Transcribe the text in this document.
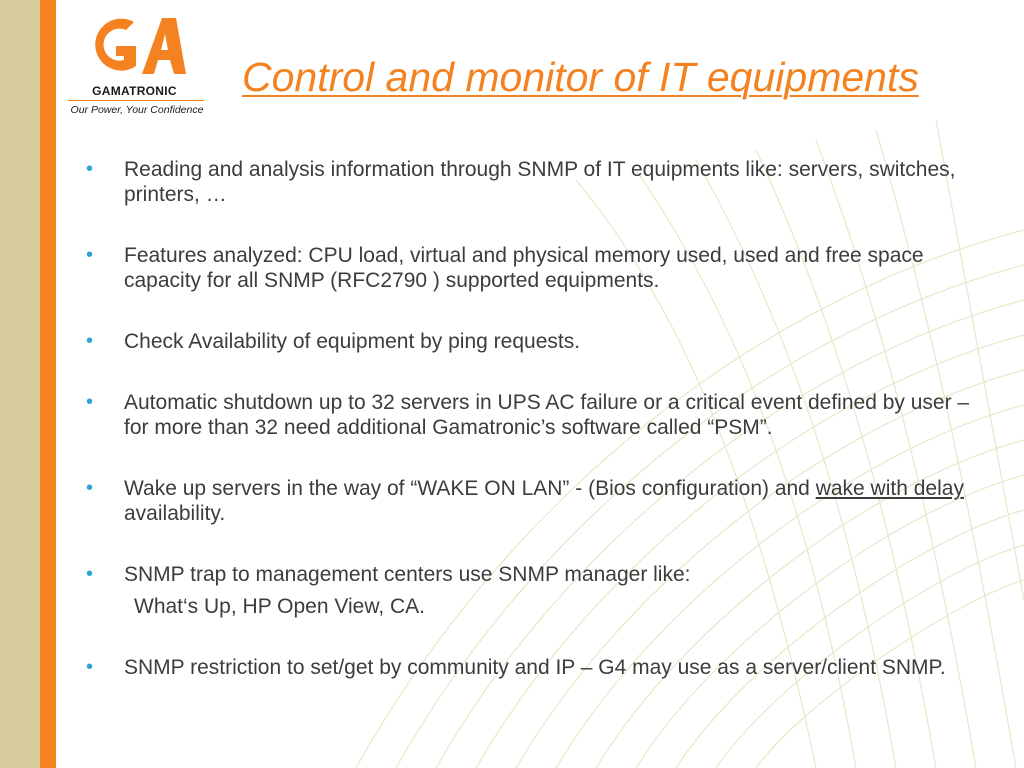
GAMATRONIC
Our Power, Your Confidence
Control and monitor of IT equipments
• Reading and analysis information through SNMP of IT equipments like: servers, switches, printers, …
• Features analyzed: CPU load, virtual and physical memory used, used and free space capacity for all SNMP (RFC2790 ) supported equipments.
• Check Availability of equipment by ping requests.
• Automatic shutdown up to 32 servers in UPS AC failure or a critical event defined by user –for more than 32 need additional Gamatronic’s software called “PSM”.
• Wake up servers in the way of “WAKE ON LAN” - (Bios configuration) and wake with delay availability.
• SNMP trap to management centers use SNMP manager like:
What‘s Up, HP Open View, CA.
• SNMP restriction to set/get by community and IP – G4 may use as a server/client SNMP.
